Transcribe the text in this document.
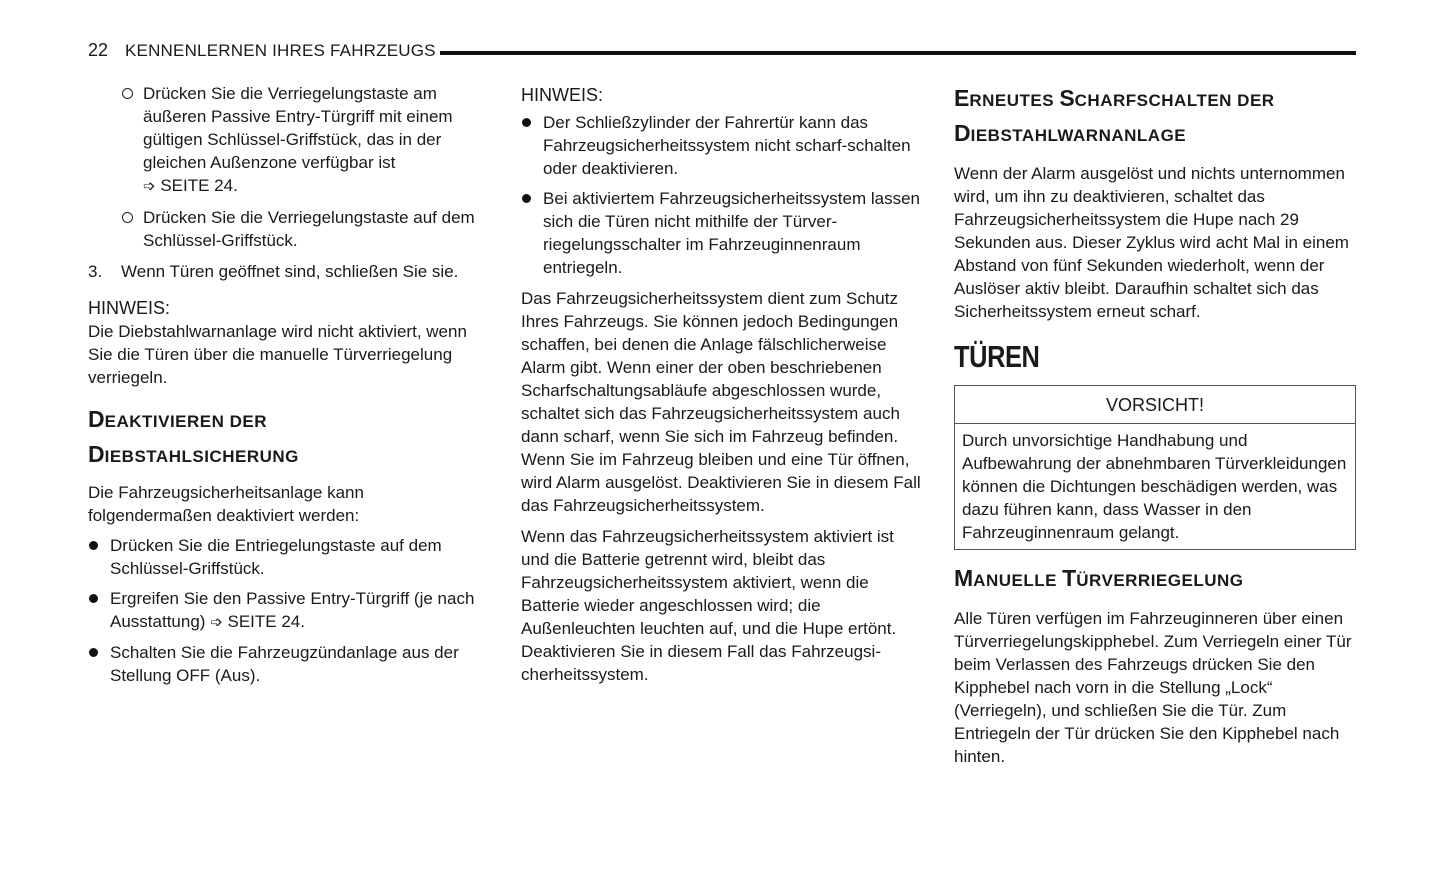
22 KENNENLERNEN IHRES FAHRZEUGS

Drücken Sie die Verriegelungstaste am äußeren Passive Entry-Türgriff mit einem gültigen Schlüssel-Griffstück, das in der gleichen Außenzone verfügbar ist

➩ SEITE 24.

Drücken Sie die Verriegelungstaste auf dem Schlüssel-Griffstück.

3. Wenn Türen geöffnet sind, schließen Sie sie.

HINWEIS:

Die Diebstahlwarnanlage wird nicht aktiviert, wenn Sie die Türen über die manuelle Türverriegelung verriegeln.

DEAKTIVIEREN DER
DIEBSTAHLSICHERUNG

Die Fahrzeugsicherheitsanlage kann folgendermaßen deaktiviert werden:

Drücken Sie die Entriegelungstaste auf dem Schlüssel-Griffstück.

Ergreifen Sie den Passive Entry-Türgriff (je nach Ausstattung) ➩ SEITE 24.

Schalten Sie die Fahrzeugzündanlage aus der Stellung OFF (Aus).

HINWEIS:

Der Schließzylinder der Fahrertür kann das Fahrzeugsicherheitssystem nicht scharf-schalten oder deaktivieren.

Bei aktiviertem Fahrzeugsicherheitssystem lassen sich die Türen nicht mithilfe der Türver-riegelungsschalter im Fahrzeuginnenraum entriegeln.

Das Fahrzeugsicherheitssystem dient zum Schutz Ihres Fahrzeugs. Sie können jedoch Bedingungen schaffen, bei denen die Anlage fälschlicherweise Alarm gibt. Wenn einer der oben beschriebenen Scharfschaltungsabläufe abgeschlossen wurde, schaltet sich das Fahrzeugsicherheitssystem auch dann scharf, wenn Sie sich im Fahrzeug befinden. Wenn Sie im Fahrzeug bleiben und eine Tür öffnen, wird Alarm ausgelöst. Deaktivieren Sie in diesem Fall das Fahrzeugsicherheitssystem.

Wenn das Fahrzeugsicherheitssystem aktiviert ist und die Batterie getrennt wird, bleibt das Fahrzeugsicherheitssystem aktiviert, wenn die Batterie wieder angeschlossen wird; die Außenleuchten leuchten auf, und die Hupe ertönt. Deaktivieren Sie in diesem Fall das Fahrzeugsi-cherheitssystem.

ERNEUTES SCHARFSCHALTEN DER
DIEBSTAHLWARNANLAGE

Wenn der Alarm ausgelöst und nichts unternommen wird, um ihn zu deaktivieren, schaltet das Fahrzeugsicherheitssystem die Hupe nach 29 Sekunden aus. Dieser Zyklus wird acht Mal in einem Abstand von fünf Sekunden wiederholt, wenn der Auslöser aktiv bleibt. Daraufhin schaltet sich das Sicherheitssystem erneut scharf.

TÜREN
VORSICHT!
Durch unvorsichtige Handhabung und Aufbewahrung der abnehmbaren Türverkleidungen können die Dichtungen beschädigen werden, was dazu führen kann, dass Wasser in den Fahrzeuginnenraum gelangt.
MANUELLE TÜRVERRIEGELUNG

Alle Türen verfügen im Fahrzeuginneren über einen Türverriegelungskipphebel. Zum Verriegeln einer Tür beim Verlassen des Fahrzeugs drücken Sie den Kipphebel nach vorn in die Stellung „Lock“ (Verriegeln), und schließen Sie die Tür. Zum Entriegeln der Tür drücken Sie den Kipphebel nach hinten.
